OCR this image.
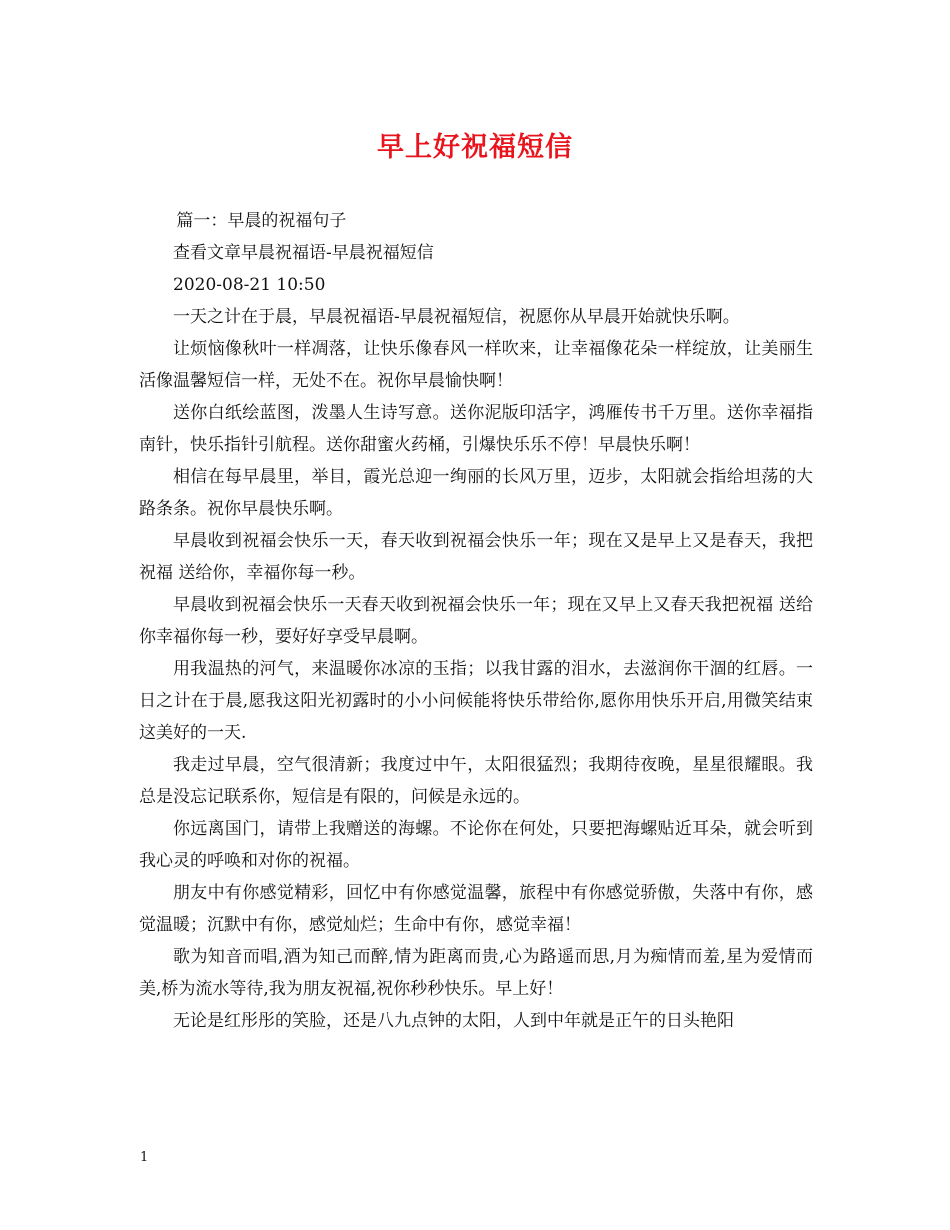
早上好祝福短信

篇一：早晨的祝福句子

查看文章早晨祝福语-早晨祝福短信

2020-08-21 10:50

一天之计在于晨，早晨祝福语-早晨祝福短信，祝愿你从早晨开始就快乐啊。

让烦恼像秋叶一样凋落，让快乐像春风一样吹来，让幸福像花朵一样绽放，让美丽生活像温馨短信一样，无处不在。祝你早晨愉快啊！

送你白纸绘蓝图，泼墨人生诗写意。送你泥版印活字，鸿雁传书千万里。送你幸福指南针，快乐指针引航程。送你甜蜜火药桶，引爆快乐乐不停！早晨快乐啊！

相信在每早晨里，举目，霞光总迎一绚丽的长风万里，迈步，太阳就会指给坦荡的大路条条。祝你早晨快乐啊。

早晨收到祝福会快乐一天，春天收到祝福会快乐一年；现在又是早上又是春天，我把祝福 送给你，幸福你每一秒。

早晨收到祝福会快乐一天春天收到祝福会快乐一年；现在又早上又春天我把祝福 送给你幸福你每一秒，要好好享受早晨啊。

用我温热的河气，来温暖你冰凉的玉指；以我甘露的泪水，去滋润你干涸的红唇。一日之计在于晨,愿我这阳光初露时的小小问候能将快乐带给你,愿你用快乐开启,用微笑结束这美好的一天.

我走过早晨，空气很清新；我度过中午，太阳很猛烈；我期待夜晚，星星很耀眼。我总是没忘记联系你，短信是有限的，问候是永远的。

你远离国门，请带上我赠送的海螺。不论你在何处，只要把海螺贴近耳朵，就会听到我心灵的呼唤和对你的祝福。

朋友中有你感觉精彩，回忆中有你感觉温馨，旅程中有你感觉骄傲，失落中有你，感觉温暖；沉默中有你，感觉灿烂；生命中有你，感觉幸福！

歌为知音而唱,酒为知己而醉,情为距离而贵,心为路遥而思,月为痴情而羞,星为爱情而美,桥为流水等待,我为朋友祝福,祝你秒秒快乐。早上好！

无论是红彤彤的笑脸，还是八九点钟的太阳，人到中年就是正午的日头艳阳

1
